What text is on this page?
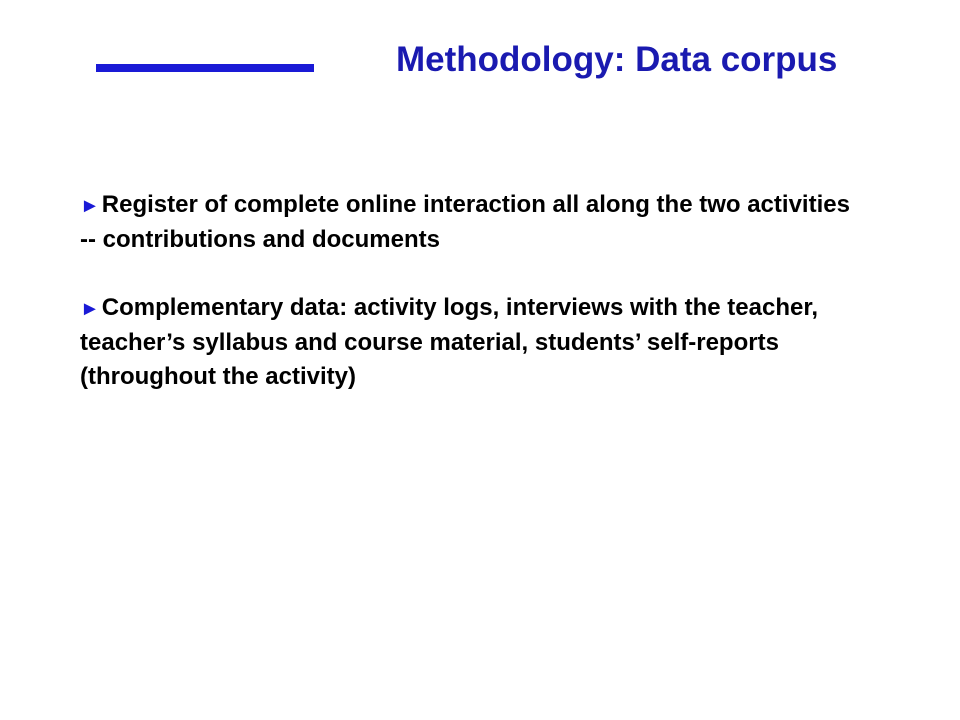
Methodology: Data corpus
►Register of complete online interaction all along the two activities -- contributions and documents
►Complementary data: activity logs, interviews with the teacher, teacher’s syllabus and course material, students’ self-reports (throughout the activity)
